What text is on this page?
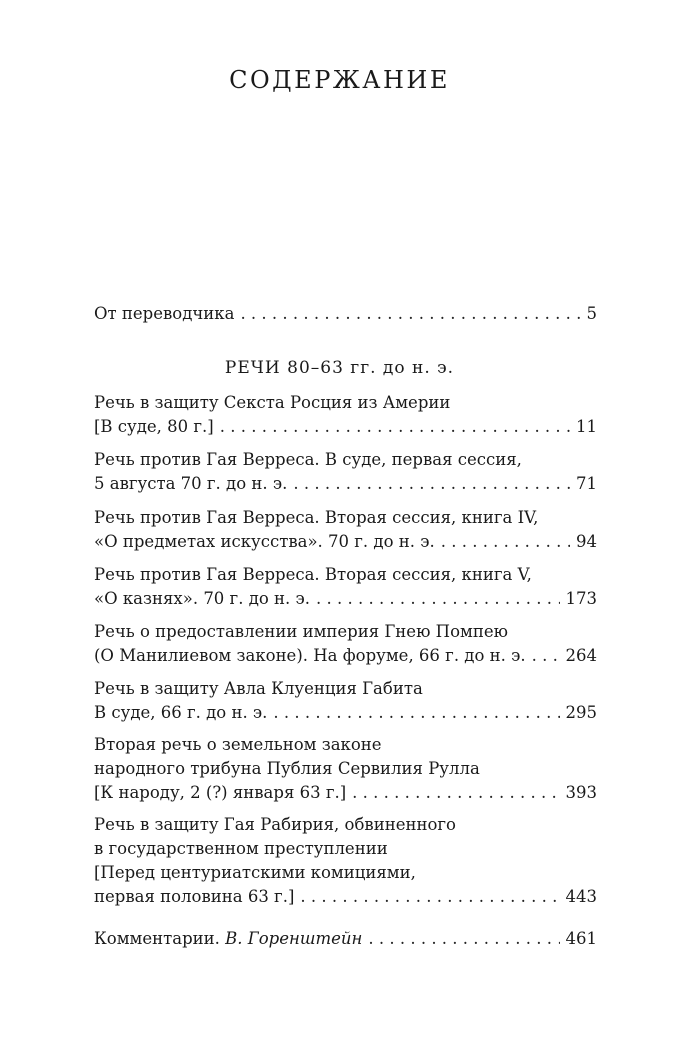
СОДЕРЖАНИЕ
От переводчика . . .	5
РЕЧИ 80–63 гг. до н. э.
Речь в защиту Секста Росция из Америи
[В суде, 80 г.] . . .	11
Речь против Гая Верреса. В суде, первая сессия,
5 августа 70 г. до н. э. . . .	71
Речь против Гая Верреса. Вторая сессия, книга IV,
«О предметах искусства». 70 г. до н. э. . . .	94
Речь против Гая Верреса. Вторая сессия, книга V,
«О казнях». 70 г. до н. э. . . .	173
Речь о предоставлении империя Гнею Помпею
(О Манилиевом законе). На форуме, 66 г. до н. э. . . . 264
Речь в защиту Авла Клуенция Габита
В суде, 66 г. до н. э. . . .	295
Вторая речь о земельном законе
народного трибуна Публия Сервилия Рулла
[К народу, 2 (?) января 63 г.] . . .	393
Речь в защиту Гая Рабирия, обвиненного
в государственном преступлении
[Перед центуриатскими комициями,
первая половина 63 г.] . . .	443
Комментарии. В. Горенштейн . . .	461
